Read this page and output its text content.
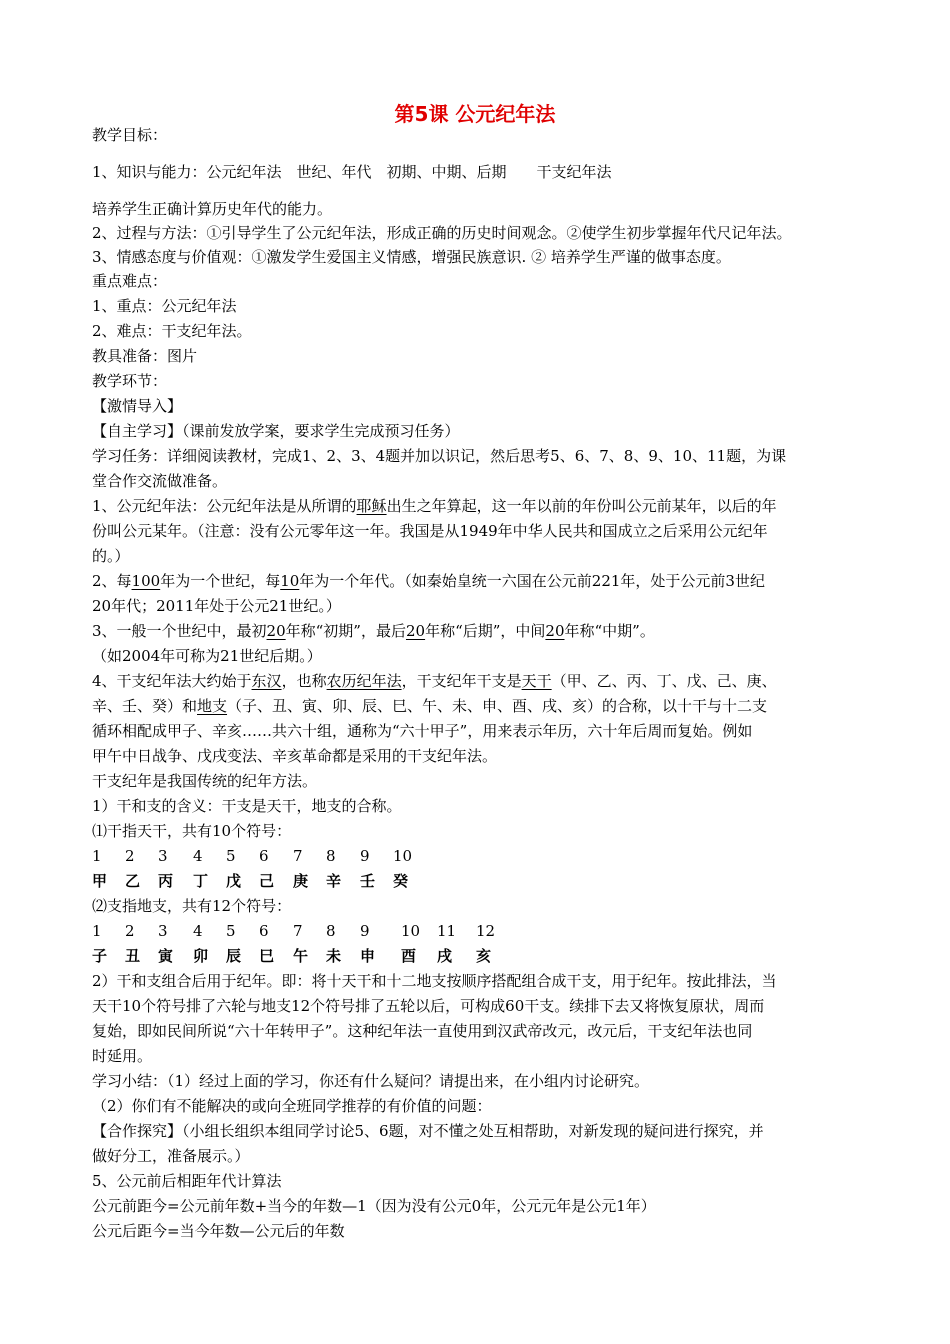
第5课 公元纪年法
教学目标：
1、知识与能力：公元纪年法　世纪、年代　初期、中期、后期　　干支纪年法
培养学生正确计算历史年代的能力。
2、过程与方法：①引导学生了公元纪年法，形成正确的历史时间观念。②使学生初步掌握年代尺记年法。
3、情感态度与价值观：①激发学生爱国主义情感，增强民族意识. ② 培养学生严谨的做事态度。
重点难点：
1、重点：公元纪年法
2、难点：干支纪年法。
教具准备：图片
教学环节：
【激情导入】
【自主学习】（课前发放学案，要求学生完成预习任务）
学习任务：详细阅读教材，完成1、2、3、4题并加以识记，然后思考5、6、7、8、9、10、11题，为课
堂合作交流做准备。
1、公元纪年法：公元纪年法是从所谓的耶稣出生之年算起，这一年以前的年份叫公元前某年，以后的年
份叫公元某年。（注意：没有公元零年这一年。我国是从1949年中华人民共和国成立之后采用公元纪年
的。）
2、每100年为一个世纪，每10年为一个年代。（如秦始皇统一六国在公元前221年，处于公元前3世纪
20年代；2011年处于公元21世纪。）
3、一般一个世纪中，最初20年称“初期”，最后20年称“后期”，中间20年称“中期”。
（如2004年可称为21世纪后期。）
4、干支纪年法大约始于东汉，也称农历纪年法，干支纪年干支是天干（甲、乙、丙、丁、戊、己、庚、
辛、壬、癸）和地支（子、丑、寅、卯、辰、巳、午、未、申、酉、戌、亥）的合称，以十干与十二支
循环相配成甲子、辛亥……共六十组，通称为“六十甲子”，用来表示年历，六十年后周而复始。例如
甲午中日战争、戊戌变法、辛亥革命都是采用的干支纪年法。
干支纪年是我国传统的纪年方法。
1）干和支的含义：干支是天干，地支的合称。
⑴干指天干，共有10个符号：
1 2 3 4 5 6 7 8 9 10
甲 乙 丙 丁 戊 己 庚 辛 壬 癸
⑵支指地支，共有12个符号：
1 2 3 4 5 6 7 8 9 10 11 12
子 丑 寅 卯 辰 巳 午 未 申 酉 戌 亥
2）干和支组合后用于纪年。即：将十天干和十二地支按顺序搭配组合成干支，用于纪年。按此排法，当
天干10个符号排了六轮与地支12个符号排了五轮以后，可构成60干支。续排下去又将恢复原状，周而
复始，即如民间所说“六十年转甲子”。这种纪年法一直使用到汉武帝改元，改元后，干支纪年法也同
时延用。
学习小结：（1）经过上面的学习，你还有什么疑问？请提出来，在小组内讨论研究。
（2）你们有不能解决的或向全班同学推荐的有价值的问题：
【合作探究】（小组长组织本组同学讨论5、6题，对不懂之处互相帮助，对新发现的疑问进行探究，并
做好分工，准备展示。）
5、公元前后相距年代计算法
公元前距今=公元前年数+当今的年数—1（因为没有公元0年，公元元年是公元1年）
公元后距今=当今年数—公元后的年数
